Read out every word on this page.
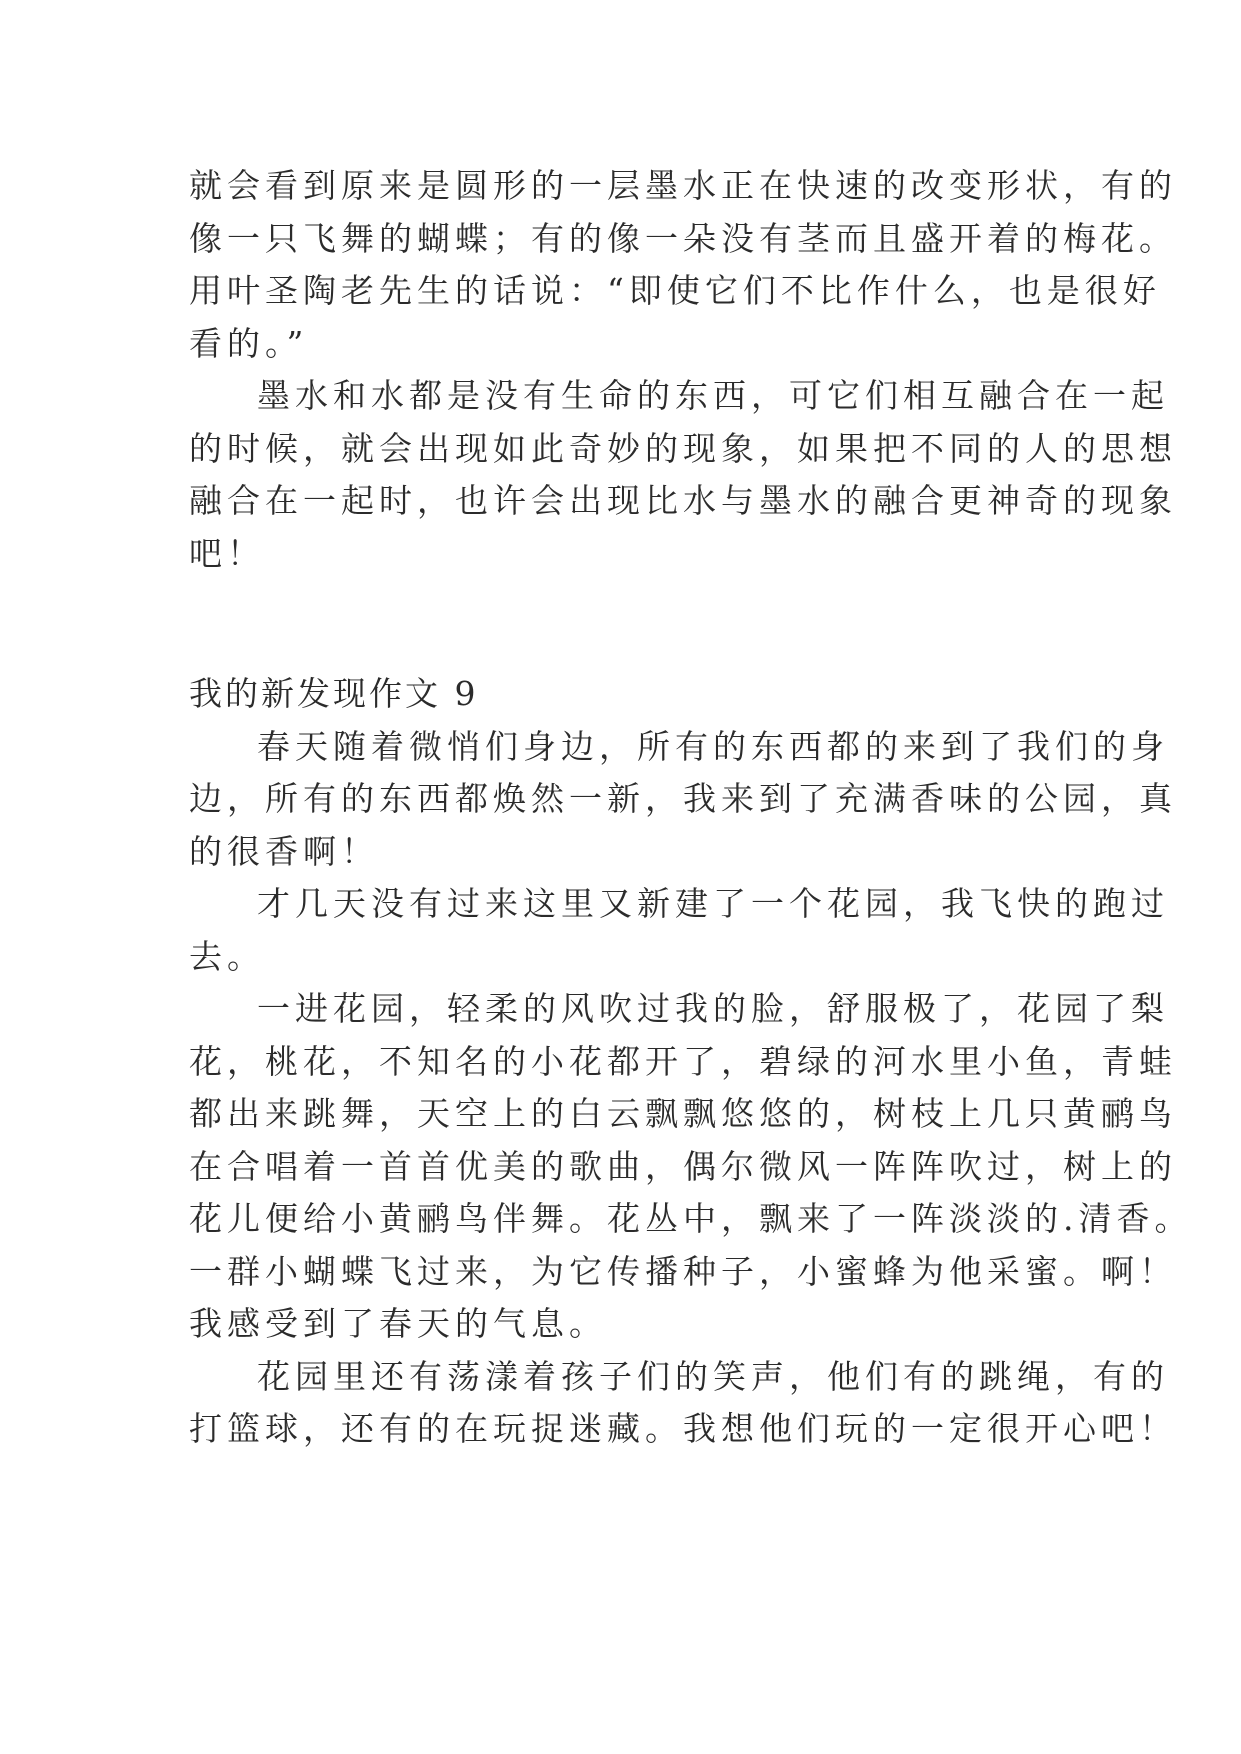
就会看到原来是圆形的一层墨水正在快速的改变形状，有的
像一只飞舞的蝴蝶；有的像一朵没有茎而且盛开着的梅花。
用叶圣陶老先生的话说：“即使它们不比作什么，也是很好
看的。”
墨水和水都是没有生命的东西，可它们相互融合在一起
的时候，就会出现如此奇妙的现象，如果把不同的人的思想
融合在一起时，也许会出现比水与墨水的融合更神奇的现象
吧！
我的新发现作文 9
春天随着微悄们身边，所有的东西都的来到了我们的身
边，所有的东西都焕然一新，我来到了充满香味的公园，真
的很香啊！
才几天没有过来这里又新建了一个花园，我飞快的跑过
去。
一进花园，轻柔的风吹过我的脸，舒服极了，花园了梨
花，桃花，不知名的小花都开了，碧绿的河水里小鱼，青蛙
都出来跳舞，天空上的白云飘飘悠悠的，树枝上几只黄鹂鸟
在合唱着一首首优美的歌曲，偶尔微风一阵阵吹过，树上的
花儿便给小黄鹂鸟伴舞。花丛中，飘来了一阵淡淡的.清香。
一群小蝴蝶飞过来，为它传播种子，小蜜蜂为他采蜜。啊！
我感受到了春天的气息。
花园里还有荡漾着孩子们的笑声，他们有的跳绳，有的
打篮球，还有的在玩捉迷藏。我想他们玩的一定很开心吧！
